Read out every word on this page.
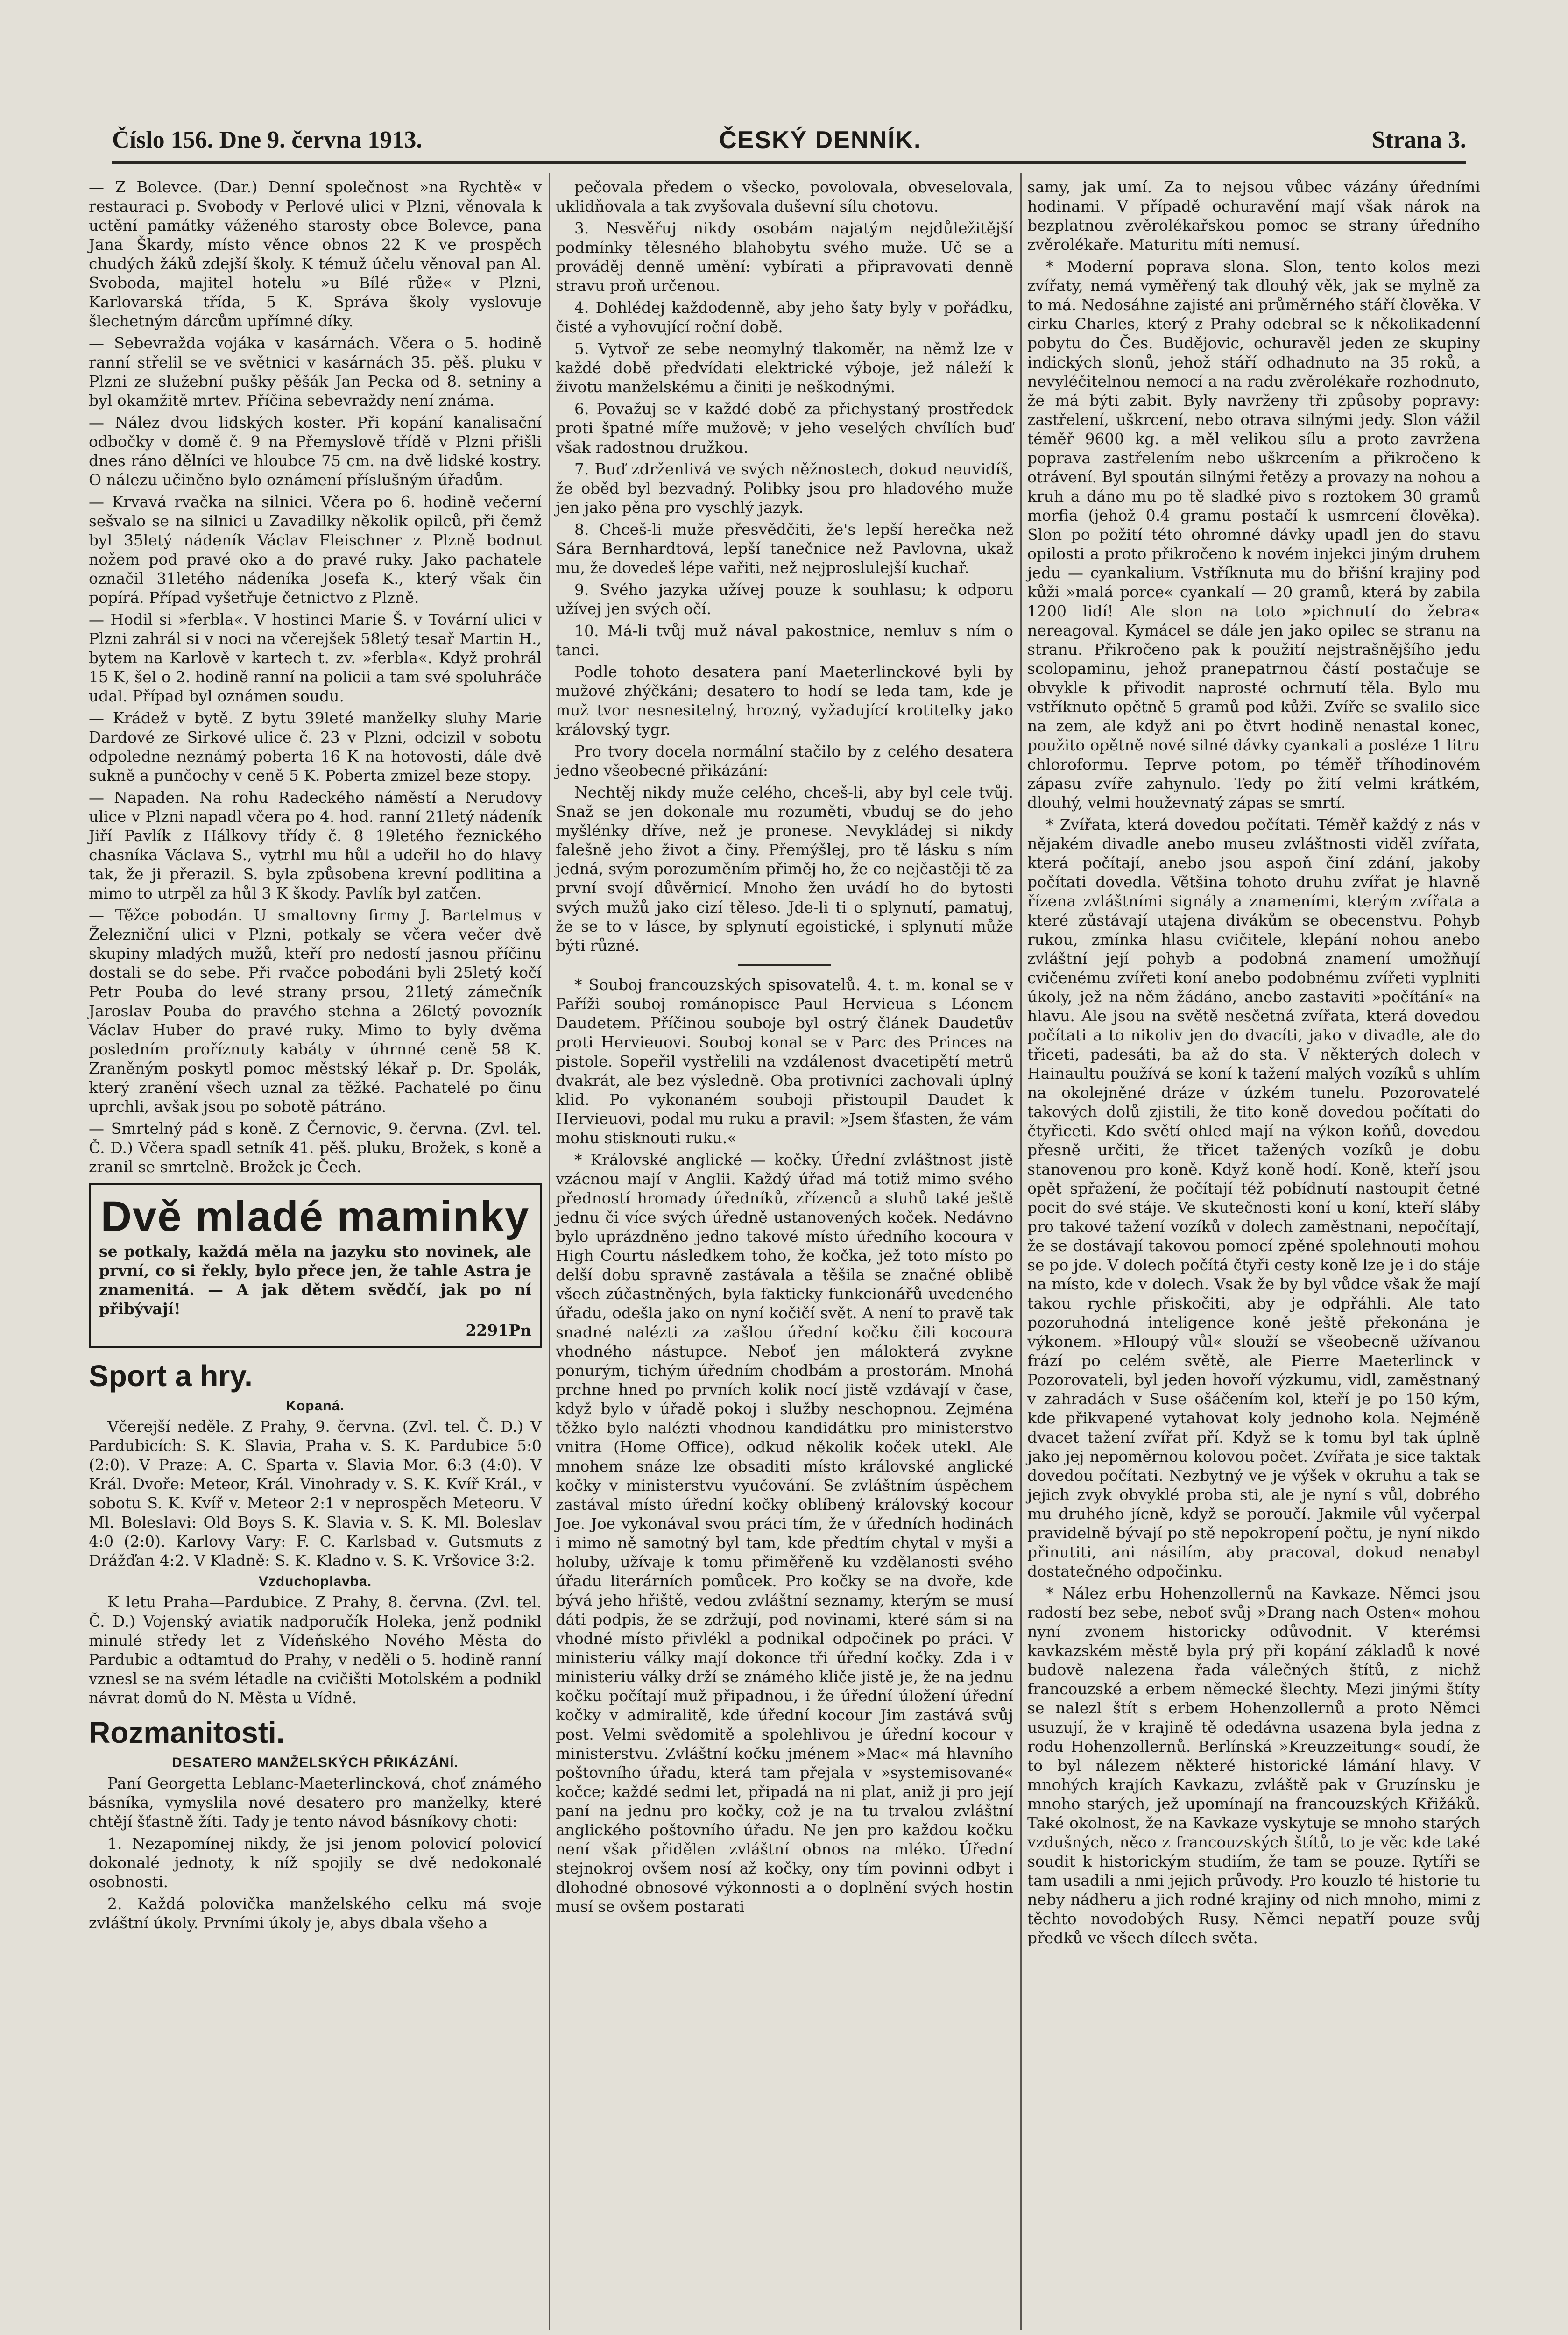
Číslo 156. Dne 9. června 1913.	ČESKÝ DENNÍK.	Strana 3.

— Z Bolevce. (Dar.) Denní společnost »na Rychtě« v restauraci p. Svobody v Perlové ulici v Plzni, věnovala k uctění památky váženého starosty obce Bolevce, pana Jana Škardy, místo věnce obnos 22 K ve prospěch chudých žáků zdejší školy. K témuž účelu věnoval pan Al. Svoboda, majitel hotelu »u Bílé růže« v Plzni, Karlovarská třída, 5 K. Správa školy vyslovuje šlechetným dárcům upřímné díky.

— Sebevražda vojáka v kasárnách. Včera o 5. hodině ranní střelil se ve světnici v kasárnách 35. pěš. pluku v Plzni ze služební pušky pěšák Jan Pecka od 8. setniny a byl okamžitě mrtev. Příčina sebevraždy není známa.

— Nález dvou lidských koster. Při kopání kanalisační odbočky v domě č. 9 na Přemyslově třídě v Plzni přišli dnes ráno dělníci ve hloubce 75 cm. na dvě lidské kostry. O nálezu učiněno bylo oznámení příslušným úřadům.

— Krvavá rvačka na silnici. Včera po 6. hodině večerní sešvalo se na silnici u Zavadilky několik opilců, při čemž byl 35letý nádeník Václav Fleischner z Plzně bodnut nožem pod pravé oko a do pravé ruky. Jako pachatele označil 31letého nádeníka Josefa K., který však čin popírá. Případ vyšetřuje četnictvo z Plzně.

— Hodil si »ferbla«. V hostinci Marie Š. v Tovární ulici v Plzni zahrál si v noci na včerejšek 58letý tesař Martin H., bytem na Karlově v kartech t. zv. »ferbla«. Když prohrál 15 K, šel o 2. hodině ranní na policii a tam své spoluhráče udal. Případ byl oznámen soudu.

— Krádež v bytě. Z bytu 39leté manželky sluhy Marie Dardové ze Sirkové ulice č. 23 v Plzni, odcizil v sobotu odpoledne neznámý poberta 16 K na hotovosti, dále dvě sukně a punčochy v ceně 5 K. Poberta zmizel beze stopy.

— Napaden. Na rohu Radeckého náměstí a Nerudovy ulice v Plzni napadl včera po 4. hod. ranní 21letý nádeník Jiří Pavlík z Hálkovy třídy č. 8 19letého řeznického chasníka Václava S., vytrhl mu hůl a udeřil ho do hlavy tak, že ji přerazil. S. byla způsobena krevní podlitina a mimo to utrpěl za hůl 3 K škody. Pavlík byl zatčen.

— Těžce pobodán. U smaltovny firmy J. Bartelmus v Železniční ulici v Plzni, potkaly se včera večer dvě skupiny mladých mužů, kteří pro nedostí jasnou příčinu dostali se do sebe. Při rvačce pobodáni byli 25letý kočí Petr Pouba do levé strany prsou, 21letý zámečník Jaroslav Pouba do pravého stehna a 26letý povozník Václav Huber do pravé ruky. Mimo to byly dvěma posledním proříznuty kabáty v úhrnné ceně 58 K. Zraněným poskytl pomoc městský lékař p. Dr. Spolák, který zranění všech uznal za těžké. Pachatelé po činu uprchli, avšak jsou po sobotě pátráno.

— Smrtelný pád s koně. Z Černovic, 9. června. (Zvl. tel. Č. D.) Včera spadl setník 41. pěš. pluku, Brožek, s koně a zranil se smrtelně. Brožek je Čech.

Dvě mladé maminky

se potkaly, každá měla na jazyku sto novinek, ale první, co si řekly, bylo přece jen, že tahle Astra je znamenitá. — A jak dětem svědčí, jak po ní přibývají!

2291Pn
Sport a hry.
Kopaná.

Včerejší neděle. Z Prahy, 9. června. (Zvl. tel. Č. D.) V Pardubicích: S. K. Slavia, Praha v. S. K. Pardubice 5:0 (2:0). V Praze: A. C. Sparta v. Slavia Mor. 6:3 (4:0). V Král. Dvoře: Meteor, Král. Vinohrady v. S. K. Kvíř Král., v sobotu S. K. Kvíř v. Meteor 2:1 v neprospěch Meteoru. V Ml. Boleslavi: Old Boys S. K. Slavia v. S. K. Ml. Boleslav 4:0 (2:0). Karlovy Vary: F. C. Karlsbad v. Gutsmuts z Drážďan 4:2. V Kladně: S. K. Kladno v. S. K. Vršovice 3:2.

Vzduchoplavba.

K letu Praha—Pardubice. Z Prahy, 8. června. (Zvl. tel. Č. D.) Vojenský aviatik nadporučík Holeka, jenž podnikl minulé středy let z Vídeňského Nového Města do Pardubic a odtamtud do Prahy, v neděli o 5. hodině ranní vznesl se na svém létadle na cvičišti Motolském a podnikl návrat domů do N. Města u Vídně.

Rozmanitosti.
DESATERO MANŽELSKÝCH PŘIKÁZÁNÍ.

Paní Georgetta Leblanc-Maeterlincková, choť známého básníka, vymyslila nové desatero pro manželky, které chtějí šťastně žíti. Tady je tento návod básníkovy choti:

1. Nezapomínej nikdy, že jsi jenom polovicí polovicí dokonalé jednoty, k níž spojily se dvě nedokonalé osobnosti.

2. Každá polovička manželského celku má svoje zvláštní úkoly. Prvními úkoly je, abys dbala všeho a

pečovala předem o všecko, povolovala, obveselovala, uklidňovala a tak zvyšovala duševní sílu chotovu.

3. Nesvěřuj nikdy osobám najatým nejdůležitější podmínky tělesného blahobytu svého muže. Uč se a prováděj denně umění: vybírati a připravovati denně stravu proň určenou.

4. Dohlédej každodenně, aby jeho šaty byly v pořádku, čisté a vyhovující roční době.

5. Vytvoř ze sebe neomylný tlakoměr, na němž lze v každé době předvídati elektrické výboje, jež náleží k životu manželskému a činiti je neškodnými.

6. Považuj se v každé době za přichystaný prostředek proti špatné míře mužově; v jeho veselých chvílích buď však radostnou družkou.

7. Buď zdrženlivá ve svých něžnostech, dokud neuvidíš, že oběd byl bezvadný. Polibky jsou pro hladového muže jen jako pěna pro vyschlý jazyk.

8. Chceš-li muže přesvědčiti, že's lepší herečka než Sára Bernhardtová, lepší tanečnice než Pavlovna, ukaž mu, že dovedeš lépe vařiti, než nejproslulejší kuchař.

9. Svého jazyka užívej pouze k souhlasu; k odporu užívej jen svých očí.

10. Má-li tvůj muž nával pakostnice, nemluv s ním o tanci.

Podle tohoto desatera paní Maeterlinckové byli by mužové zhýčkáni; desatero to hodí se leda tam, kde je muž tvor nesnesitelný, hrozný, vyžadující krotitelky jako královský tygr.

Pro tvory docela normální stačilo by z celého desatera jedno všeobecné přikázání:

Nechtěj nikdy muže celého, chceš-li, aby byl cele tvůj. Snaž se jen dokonale mu rozuměti, vbuduj se do jeho myšlénky dříve, než je pronese. Nevykládej si nikdy falešně jeho život a činy. Přemýšlej, pro tě lásku s ním jedná, svým porozuměním přiměj ho, že co nejčastěji tě za první svojí důvěrnicí. Mnoho žen uvádí ho do bytosti svých mužů jako cizí těleso. Jde-li ti o splynutí, pamatuj, že se to v lásce, by splynutí egoistické, i splynutí může býti různé.

* Souboj francouzských spisovatelů. 4. t. m. konal se v Paříži souboj románopisce Paul Hervieua s Léonem Daudetem. Příčinou souboje byl ostrý článek Daudetův proti Hervieuovi. Souboj konal se v Parc des Princes na pistole. Sopeřil vystřelili na vzdálenost dvacetipětí metrů dvakrát, ale bez výsledně. Oba protivníci zachovali úplný klid. Po vykonaném souboji přistoupil Daudet k Hervieuovi, podal mu ruku a pravil: »Jsem šťasten, že vám mohu stisknouti ruku.«

* Královské anglické — kočky. Úřední zvláštnost jistě vzácnou mají v Anglii. Každý úřad má totiž mimo svého předností hromady úředníků, zřízenců a sluhů také ještě jednu či více svých úředně ustanovených koček. Nedávno bylo uprázdněno jedno takové místo úředního kocoura v High Courtu následkem toho, že kočka, jež toto místo po delší dobu spravně zastávala a těšila se značné oblibě všech zúčastněných, byla fakticky funkcionářů uvedeného úřadu, odešla jako on nyní kočičí svět. A není to pravě tak snadné nalézti za zašlou úřední kočku čili kocoura vhodného nástupce. Neboť jen málokterá zvykne ponurým, tichým úředním chodbám a prostorám. Mnohá prchne hned po prvních kolik nocí jistě vzdávají v čase, když bylo v úřadě pokoj i služby neschopnou. Zejména těžko bylo nalézti vhodnou kandidátku pro ministerstvo vnitra (Home Office), odkud několik koček utekl. Ale mnohem snáze lze obsaditi místo královské anglické kočky v ministerstvu vyučování. Se zvláštním úspěchem zastával místo úřední kočky oblíbený královský kocour Joe. Joe vykonával svou práci tím, že v úředních hodinách i mimo ně samotný byl tam, kde předtím chytal v myši a holuby, užívaje k tomu přiměřeně ku vzdělanosti svého úřadu literárních pomůcek. Pro kočky se na dvoře, kde bývá jeho hřiště, vedou zvláštní seznamy, kterým se musí dáti podpis, že se zdržují, pod novinami, které sám si na vhodné místo přivlékl a podnikal odpočinek po práci. V ministeriu války mají dokonce tři úřední kočky. Zda i v ministeriu války drží se známého kliče jistě je, že na jednu kočku počítají muž připadnou, i že úřední úložení úřední kočky v admiralitě, kde úřední kocour Jim zastává svůj post. Velmi svědomitě a spolehlivou je úřední kocour v ministerstvu. Zvláštní kočku jménem »Mac« má hlavního poštovního úřadu, která tam přejala v »systemisované« kočce; každé sedmi let, připadá na ni plat, aniž ji pro její paní na jednu pro kočky, což je na tu trvalou zvláštní anglického poštovního úřadu. Ne jen pro každou kočku není však přidělen zvláštní obnos na mléko. Úřední stejnokroj ovšem nosí až kočky, ony tím povinni odbyt i dlohodné obnosové výkonnosti a o doplnění svých hostin musí se ovšem postarati

samy, jak umí. Za to nejsou vůbec vázány úředními hodinami. V případě ochuravění mají však nárok na bezplatnou zvěrolékařskou pomoc se strany úředního zvěrolékaře. Maturitu míti nemusí.

* Moderní poprava slona. Slon, tento kolos mezi zvířaty, nemá vyměřený tak dlouhý věk, jak se mylně za to má. Nedosáhne zajisté ani průměrného stáří člověka. V cirku Charles, který z Prahy odebral se k několikadenní pobytu do Čes. Budějovic, ochuravěl jeden ze skupiny indických slonů, jehož stáří odhadnuto na 35 roků, a nevyléčitelnou nemocí a na radu zvěrolékaře rozhodnuto, že má býti zabit. Byly navrženy tři způsoby popravy: zastřelení, uškrcení, nebo otrava silnými jedy. Slon vážil téměř 9600 kg. a měl velikou sílu a proto zavržena poprava zastřelením nebo uškrcením a přikročeno k otrávení. Byl spoután silnými řetězy a provazy na nohou a kruh a dáno mu po tě sladké pivo s roztokem 30 gramů morfia (jehož 0.4 gramu postačí k usmrcení člověka). Slon po požití této ohromné dávky upadl jen do stavu opilosti a proto přikročeno k novém injekci jiným druhem jedu — cyankalium. Vstříknuta mu do břišní krajiny pod kůži »malá porce« cyankalí — 20 gramů, která by zabila 1200 lidí! Ale slon na toto »pichnutí do žebra« nereagoval. Kymácel se dále jen jako opilec se stranu na stranu. Přikročeno pak k použití nejstrašnějšího jedu scolopaminu, jehož pranepatrnou částí postačuje se obvykle k přivodit naprosté ochrnutí těla. Bylo mu vstříknuto opětně 5 gramů pod kůži. Zvíře se svalilo sice na zem, ale když ani po čtvrt hodině nenastal konec, použito opětně nové silné dávky cyankali a posléze 1 litru chloroformu. Teprve potom, po téměř tříhodinovém zápasu zvíře zahynulo. Tedy po žití velmi krátkém, dlouhý, velmi houževnatý zápas se smrtí.

* Zvířata, která dovedou počítati. Téměř každý z nás v nějakém divadle anebo museu zvláštnosti viděl zvířata, která počítají, anebo jsou aspoň činí zdání, jakoby počítati dovedla. Většina tohoto druhu zvířat je hlavně řízena zvláštními signály a znameními, kterým zvířata a které zůstávají utajena divákům se obecenstvu. Pohyb rukou, zmínka hlasu cvičitele, klepání nohou anebo zvláštní její pohyb a podobná znamení umožňují cvičenému zvířeti koní anebo podobnému zvířeti vyplniti úkoly, jež na něm žádáno, anebo zastaviti »počítání« na hlavu. Ale jsou na světě nesčetná zvířata, která dovedou počítati a to nikoliv jen do dvacíti, jako v divadle, ale do třiceti, padesáti, ba až do sta. V některých dolech v Hainaultu používá se koní k tažení malých vozíků s uhlím na okolejněné dráze v úzkém tunelu. Pozorovatelé takových dolů zjistili, že tito koně dovedou počítati do čtyřiceti. Kdo světí ohled mají na výkon koňů, dovedou přesně určiti, že třicet tažených vozíků je dobu stanovenou pro koně. Když koně hodí. Koně, kteří jsou opět spřažení, že počítají též pobídnutí nastoupit četné pocit do své stáje. Ve skutečnosti koní u koní, kteří sláby pro takové tažení vozíků v dolech zaměstnani, nepočítají, že se dostávají takovou pomocí zpěné spolehnouti mohou se po jde. V dolech počítá čtyři cesty koně lze je i do stáje na místo, kde v dolech. Vsak že by byl vůdce však že mají takou rychle přiskočiti, aby je odpřáhli. Ale tato pozoruhodná inteligence koně ještě překonána je výkonem. »Hloupý vůl« slouží se všeobecně užívanou frází po celém světě, ale Pierre Maeterlinck v Pozorovateli, byl jeden hovoří výzkumu, vidl, zaměstnaný v zahradách v Suse ošáčením kol, kteří je po 150 kým, kde přikvapené vytahovat koly jednoho kola. Nejméně dvacet tažení zvířat pří. Když se k tomu byl tak úplně jako jej nepoměrnou kolovou počet. Zvířata je sice taktak dovedou počítati. Nezbytný ve je výšek v okruhu a tak se jejich zvyk obvyklé proba sti, ale je nyní s vůl, dobrého mu druhého jícně, když se poroučí. Jakmile vůl vyčerpal pravidelně bývají po stě nepokropení počtu, je nyní nikdo přinutiti, ani násilím, aby pracoval, dokud nenabyl dostatečného odpočinku.

* Nález erbu Hohenzollernů na Kavkaze. Němci jsou radostí bez sebe, neboť svůj »Drang nach Osten« mohou nyní zvonem historicky odůvodnit. V kterémsi kavkazském městě byla prý při kopání základů k nové budově nalezena řada válečných štítů, z nichž francouzské a erbem německé šlechty. Mezi jinými štíty se nalezl štít s erbem Hohenzollernů a proto Němci usuzují, že v krajině tě odedávna usazena byla jedna z rodu Hohenzollernů. Berlínská »Kreuzzeitung« soudí, že to byl nálezem některé historické lámání hlavy. V mnohých krajích Kavkazu, zvláště pak v Gruzínsku je mnoho starých, jež upomínají na francouzských Křižáků. Také okolnost, že na Kavkaze vyskytuje se mnoho starých vzdušných, něco z francouzských štítů, to je věc kde také soudit k historickým studiím, že tam se pouze. Rytíři se tam usadili a nmi jejich průvody. Pro kouzlo té historie tu neby nádheru a jich rodné krajiny od nich mnoho, mimi z těchto novodobých Rusy. Němci nepatří pouze svůj předků ve všech dílech světa.
